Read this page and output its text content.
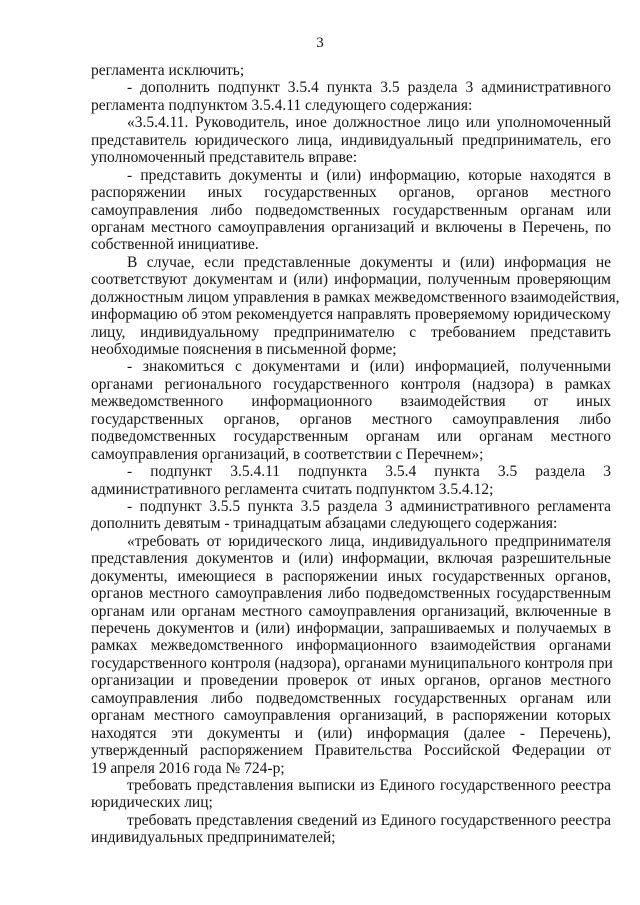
3
регламента исключить;
- дополнить подпункт 3.5.4 пункта 3.5 раздела 3 административного
регламента подпунктом 3.5.4.11 следующего содержания:
«3.5.4.11. Руководитель, иное должностное лицо или уполномоченный
представитель юридического лица, индивидуальный предприниматель, его
уполномоченный представитель вправе:
- представить документы и (или) информацию, которые находятся в
распоряжении иных государственных органов, органов местного
самоуправления либо подведомственных государственным органам или
органам местного самоуправления организаций и включены в Перечень, по
собственной инициативе.
В случае, если представленные документы и (или) информация не
соответствуют документам и (или) информации, полученным проверяющим
должностным лицом управления в рамках межведомственного взаимодействия,
информацию об этом рекомендуется направлять проверяемому юридическому
лицу, индивидуальному предпринимателю с требованием представить
необходимые пояснения в письменной форме;
- знакомиться с документами и (или) информацией, полученными
органами регионального государственного контроля (надзора) в рамках
межведомственного информационного взаимодействия от иных
государственных органов, органов местного самоуправления либо
подведомственных государственным органам или органам местного
самоуправления организаций, в соответствии с Перечнем»;
- подпункт 3.5.4.11 подпункта 3.5.4 пункта 3.5 раздела 3
административного регламента считать подпунктом 3.5.4.12;
- подпункт 3.5.5 пункта 3.5 раздела 3 административного регламента
дополнить девятым - тринадцатым абзацами следующего содержания:
«требовать от юридического лица, индивидуального предпринимателя
представления документов и (или) информации, включая разрешительные
документы, имеющиеся в распоряжении иных государственных органов,
органов местного самоуправления либо подведомственных государственным
органам или органам местного самоуправления организаций, включенные в
перечень документов и (или) информации, запрашиваемых и получаемых в
рамках межведомственного информационного взаимодействия органами
государственного контроля (надзора), органами муниципального контроля при
организации и проведении проверок от иных органов, органов местного
самоуправления либо подведомственных государственных органам или
органам местного самоуправления организаций, в распоряжении которых
находятся эти документы и (или) информация (далее - Перечень),
утвержденный распоряжением Правительства Российской Федерации от
19 апреля 2016 года № 724-р;
требовать представления выписки из Единого государственного реестра
юридических лиц;
требовать представления сведений из Единого государственного реестра
индивидуальных предпринимателей;
